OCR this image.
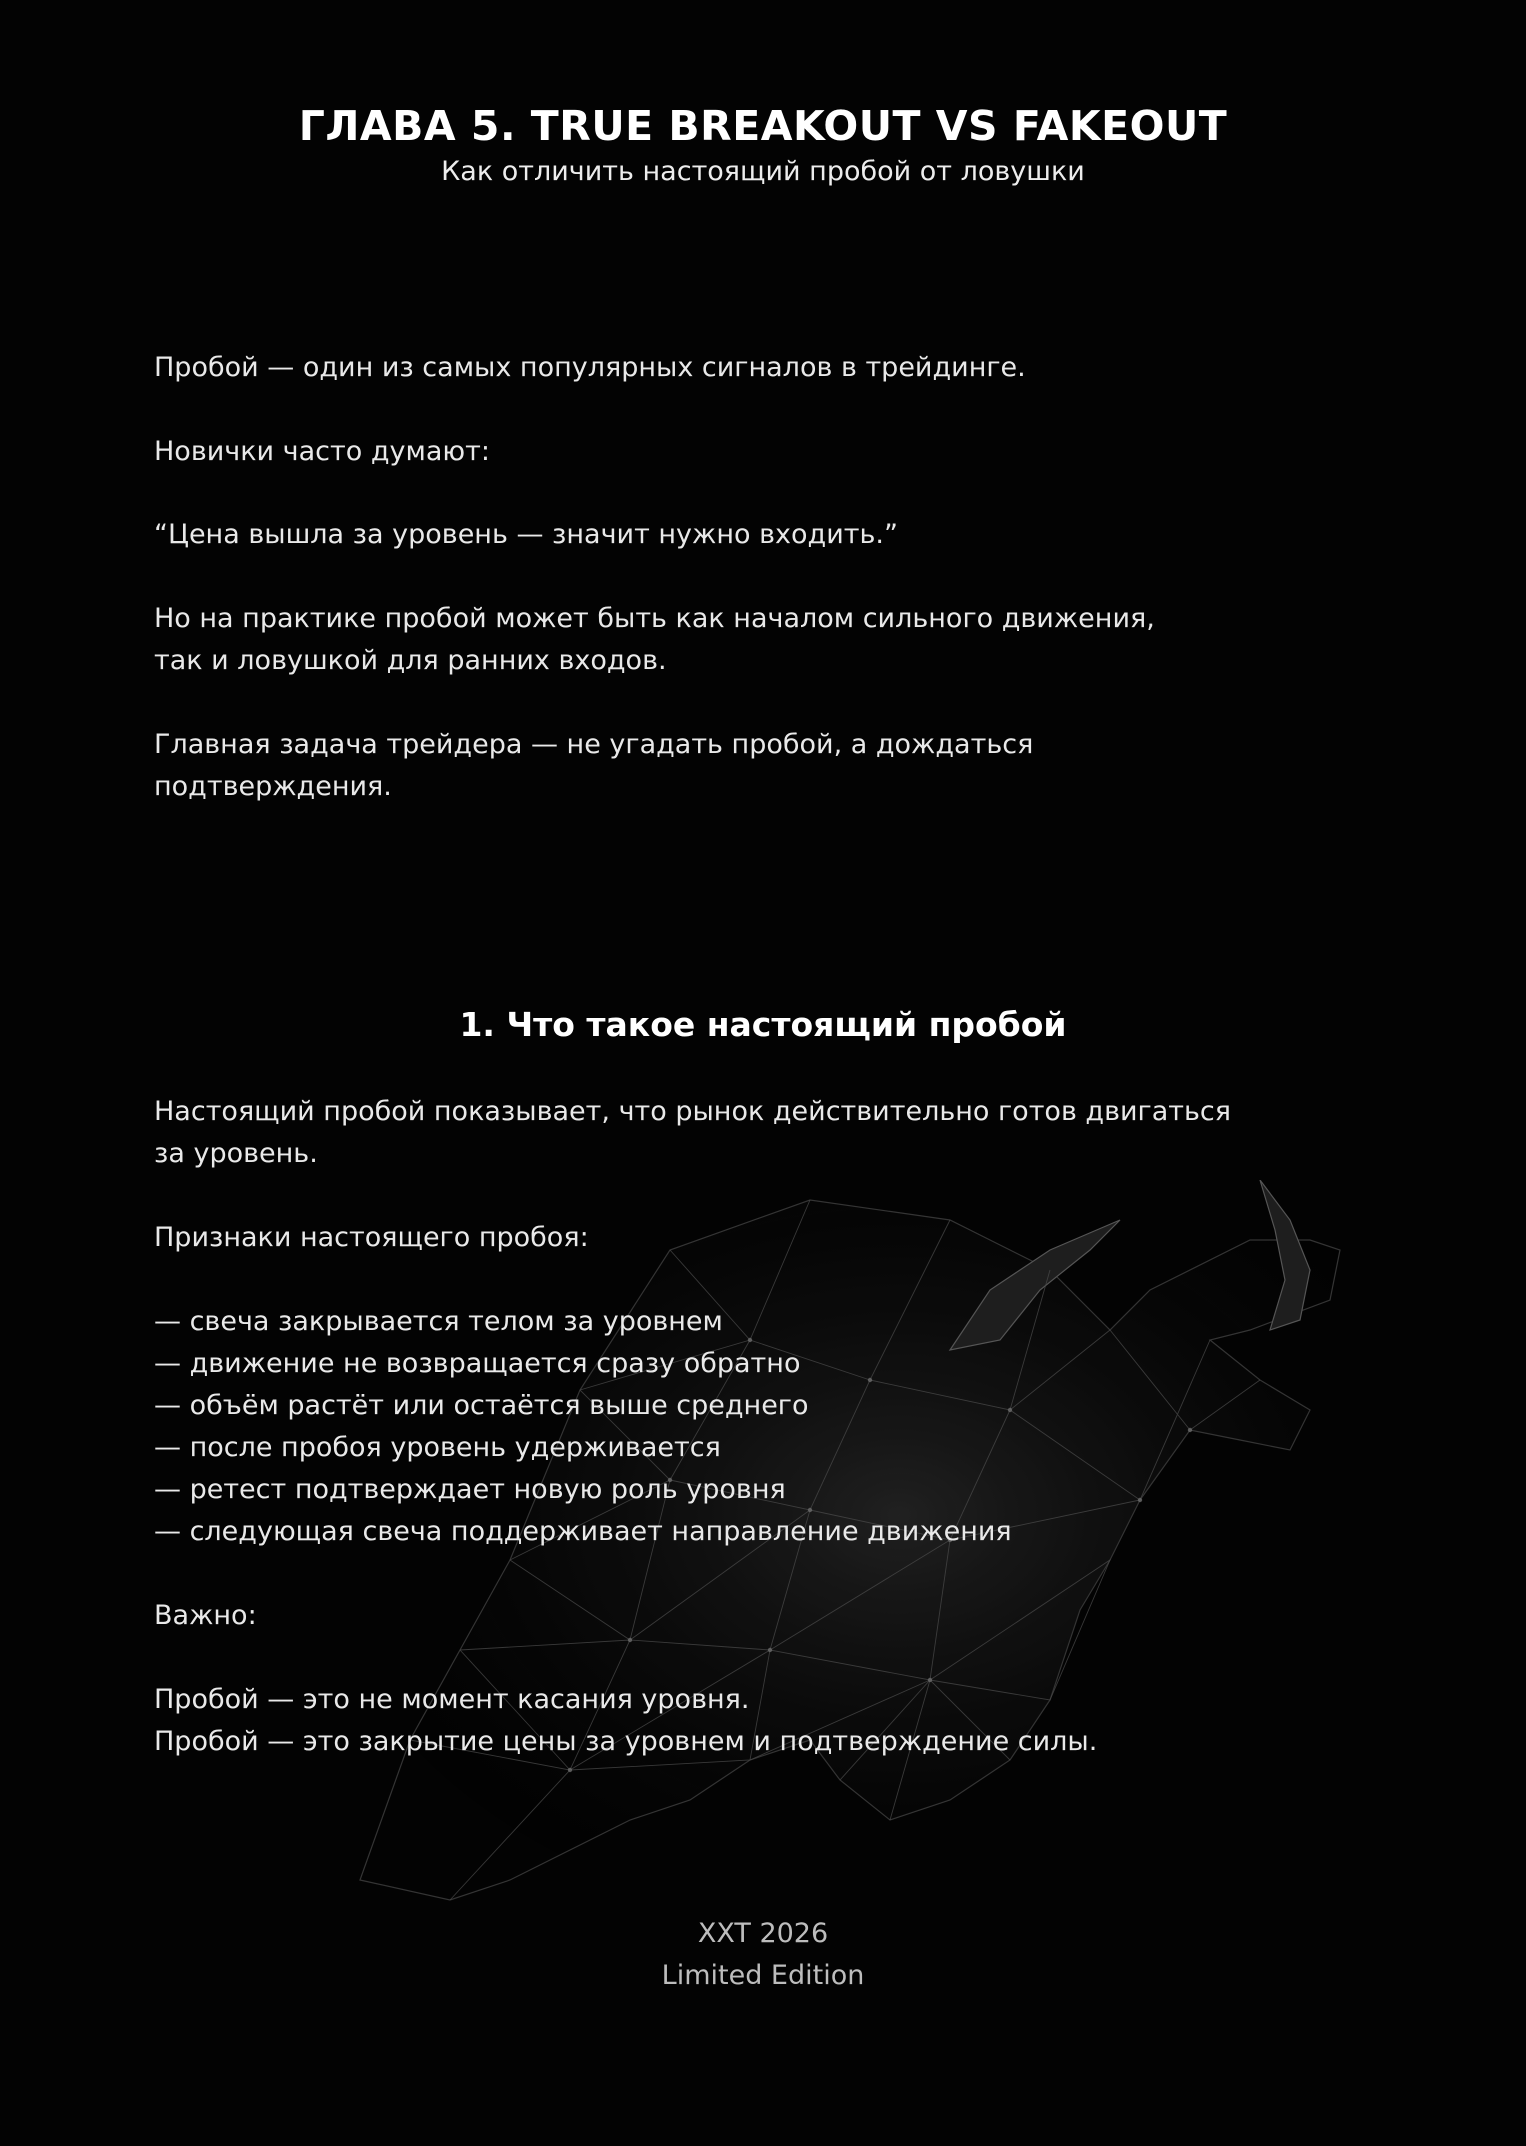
ГЛАВА 5. TRUE BREAKOUT VS FAKEOUT

Как отличить настоящий пробой от ловушки

Пробой — один из самых популярных сигналов в трейдинге.

Новички часто думают:

“Цена вышла за уровень — значит нужно входить.”

Но на практике пробой может быть как началом сильного движения,
так и ловушкой для ранних входов.

Главная задача трейдера — не угадать пробой, а дождаться
подтверждения.

1. Что такое настоящий пробой

Настоящий пробой показывает, что рынок действительно готов двигаться
за уровень.

Признаки настоящего пробоя:

— свеча закрывается телом за уровнем
— движение не возвращается сразу обратно
— объём растёт или остаётся выше среднего
— после пробоя уровень удерживается
— ретест подтверждает новую роль уровня
— следующая свеча поддерживает направление движения

Важно:

Пробой — это не момент касания уровня.
Пробой — это закрытие цены за уровнем и подтверждение силы.

XXT 2026

Limited Edition
